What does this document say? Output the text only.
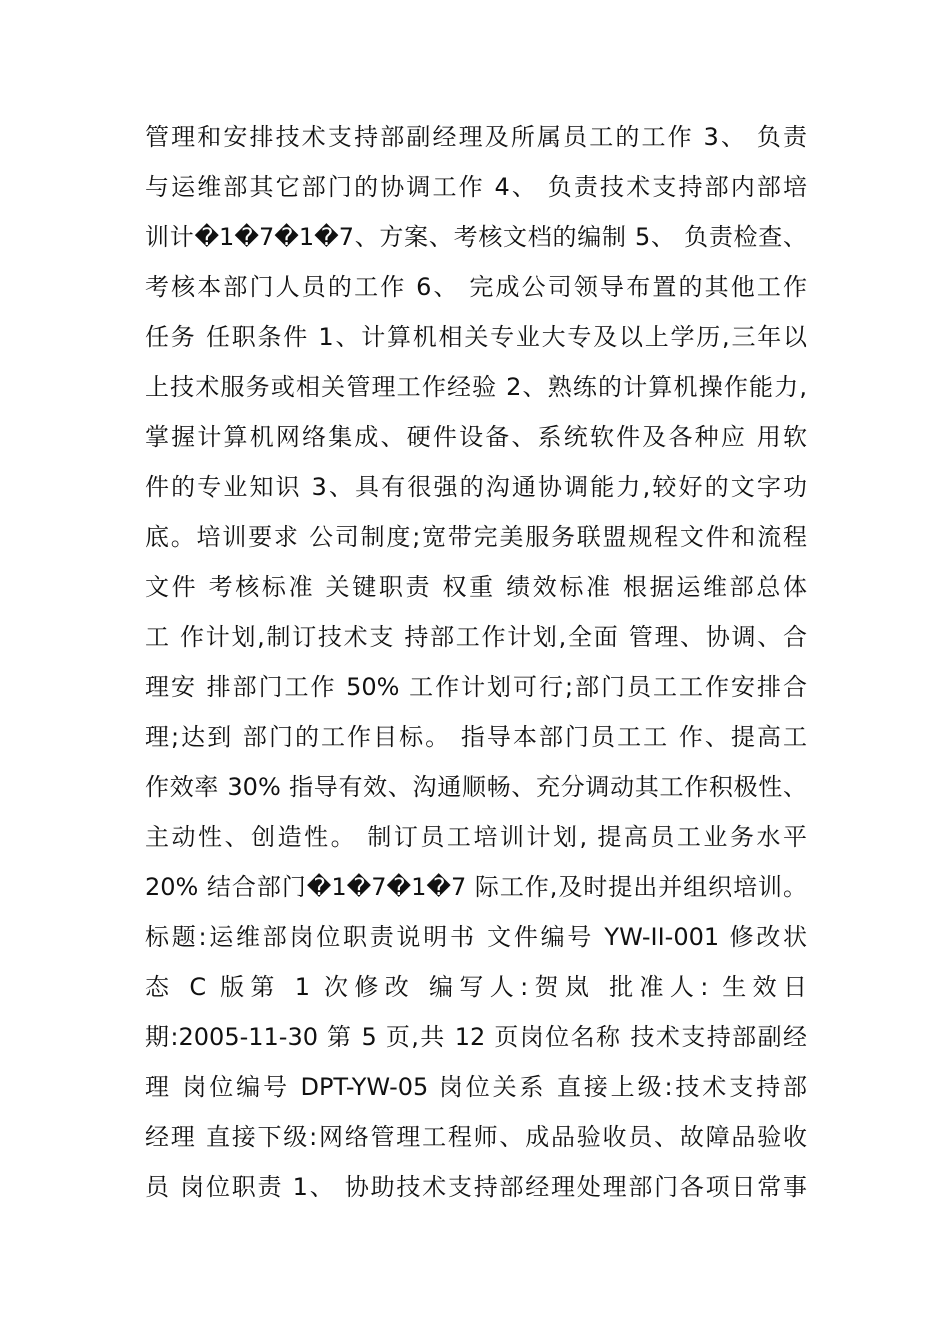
管理和安排技术支持部副经理及所属员工的工作 3、 负责
与运维部其它部门的协调工作 4、 负责技术支持部内部培
训计�1�7�1�7、方案、考核文档的编制 5、 负责检查、
考核本部门人员的工作 6、 完成公司领导布置的其他工作
任务 任职条件 1、计算机相关专业大专及以上学历,三年以
上技术服务或相关管理工作经验 2、熟练的计算机操作能力,
掌握计算机网络集成、硬件设备、系统软件及各种应 用软
件的专业知识 3、具有很强的沟通协调能力,较好的文字功
底。培训要求 公司制度;宽带完美服务联盟规程文件和流程
文件 考核标准 关键职责 权重 绩效标准 根据运维部总体
工 作计划,制订技术支 持部工作计划,全面 管理、协调、合
理安 排部门工作 50% 工作计划可行;部门员工工作安排合
理;达到 部门的工作目标。 指导本部门员工工 作、提高工
作效率 30% 指导有效、沟通顺畅、充分调动其工作积极性、
主动性、创造性。 制订员工培训计划, 提高员工业务水平
20% 结合部门�1�7�1�7 际工作,及时提出并组织培训。
标题:运维部岗位职责说明书 文件编号 YW-II-001 修改状
态 C 版第 1 次修改 编写人:贺岚 批准人: 生效日
期:2005-11-30 第 5 页,共 12 页岗位名称 技术支持部副经
理 岗位编号 DPT-YW-05 岗位关系 直接上级:技术支持部
经理 直接下级:网络管理工程师、成品验收员、故障品验收
员 岗位职责 1、 协助技术支持部经理处理部门各项日常事
